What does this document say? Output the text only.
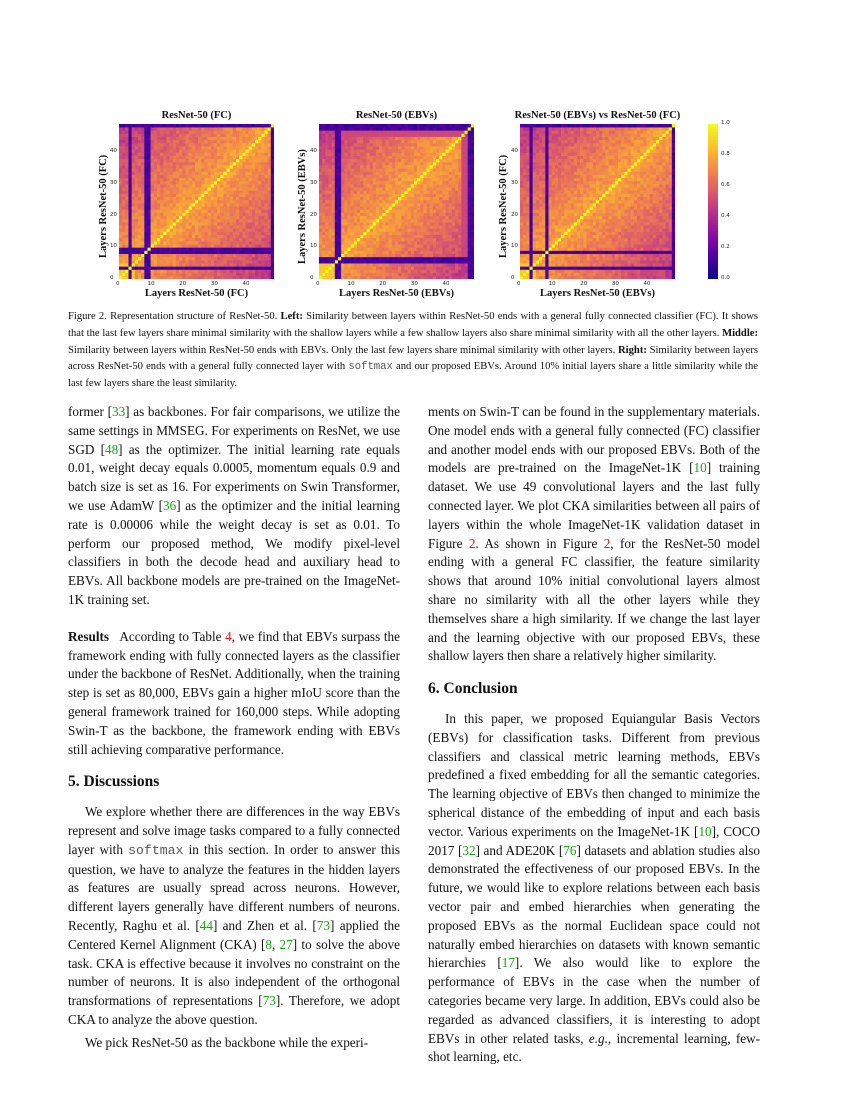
ResNet-50 (FC)
Layers ResNet-50 (FC)
Layers ResNet-50 (FC)
ResNet-50 (EBVs)
Layers ResNet-50 (EBVs)
Layers ResNet-50 (EBVs)
ResNet-50 (EBVs) vs ResNet-50 (FC)
Layers ResNet-50 (FC)
Layers ResNet-50 (EBVs)
0.0
0.2
0.4
0.6
0.8
1.0
0
0
10
10
20
20
30
30
40
40
0
0
10
10
20
20
30
30
40
40
0
0
10
10
20
20
30
30
40
40
Figure 2. Representation structure of ResNet-50. Left: Similarity between layers within ResNet-50 ends with a general fully connected classifier (FC). It shows that the last few layers share minimal similarity with the shallow layers while a few shallow layers also share minimal similarity with all the other layers. Middle: Similarity between layers within ResNet-50 ends with EBVs. Only the last few layers share minimal similarity with other layers. Right: Similarity between layers across ResNet-50 ends with a general fully connected layer with softmax and our proposed EBVs. Around 10% initial layers share a little similarity while the last few layers share the least similarity.

former [33] as backbones. For fair comparisons, we utilize the same settings in MMSEG. For experiments on ResNet, we use SGD [48] as the optimizer. The initial learning rate equals 0.01, weight decay equals 0.0005, momentum equals 0.9 and batch size is set as 16. For experiments on Swin Transformer, we use AdamW [36] as the optimizer and the initial learning rate is 0.00006 while the weight decay is set as 0.01. To perform our proposed method, We modify pixel-level classifiers in both the decode head and auxiliary head to EBVs. All backbone models are pre-trained on the ImageNet-1K training set.

Results   According to Table 4, we find that EBVs surpass the framework ending with fully connected layers as the classifier under the backbone of ResNet. Additionally, when the training step is set as 80,000, EBVs gain a higher mIoU score than the general framework trained for 160,000 steps. While adopting Swin-T as the backbone, the framework ending with EBVs still achieving comparative performance.

5. Discussions

We explore whether there are differences in the way EBVs represent and solve image tasks compared to a fully connected layer with softmax in this section. In order to answer this question, we have to analyze the features in the hidden layers as features are usually spread across neurons. However, different layers generally have different numbers of neurons. Recently, Raghu et al. [44] and Zhen et al. [73] applied the Centered Kernel Alignment (CKA) [8, 27] to solve the above task. CKA is effective because it involves no constraint on the number of neurons. It is also independent of the orthogonal transformations of representations [73]. Therefore, we adopt CKA to analyze the above question.

We pick ResNet-50 as the backbone while the experi-

ments on Swin-T can be found in the supplementary materials. One model ends with a general fully connected (FC) classifier and another model ends with our proposed EBVs. Both of the models are pre-trained on the ImageNet-1K [10] training dataset. We use 49 convolutional layers and the last fully connected layer. We plot CKA similarities between all pairs of layers within the whole ImageNet-1K validation dataset in Figure 2. As shown in Figure 2, for the ResNet-50 model ending with a general FC classifier, the feature similarity shows that around 10% initial convolutional layers almost share no similarity with all the other layers while they themselves share a high similarity. If we change the last layer and the learning objective with our proposed EBVs, these shallow layers then share a relatively higher similarity.

6. Conclusion

In this paper, we proposed Equiangular Basis Vectors (EBVs) for classification tasks. Different from previous classifiers and classical metric learning methods, EBVs predefined a fixed embedding for all the semantic categories. The learning objective of EBVs then changed to minimize the spherical distance of the embedding of input and each basis vector. Various experiments on the ImageNet-1K [10], COCO 2017 [32] and ADE20K [76] datasets and ablation studies also demonstrated the effectiveness of our proposed EBVs. In the future, we would like to explore relations between each basis vector pair and embed hierarchies when generating the proposed EBVs as the normal Euclidean space could not naturally embed hierarchies on datasets with known semantic hierarchies [17]. We also would like to explore the performance of EBVs in the case when the number of categories became very large. In addition, EBVs could also be regarded as advanced classifiers, it is interesting to adopt EBVs in other related tasks, e.g., incremental learning, few-shot learning, etc.
